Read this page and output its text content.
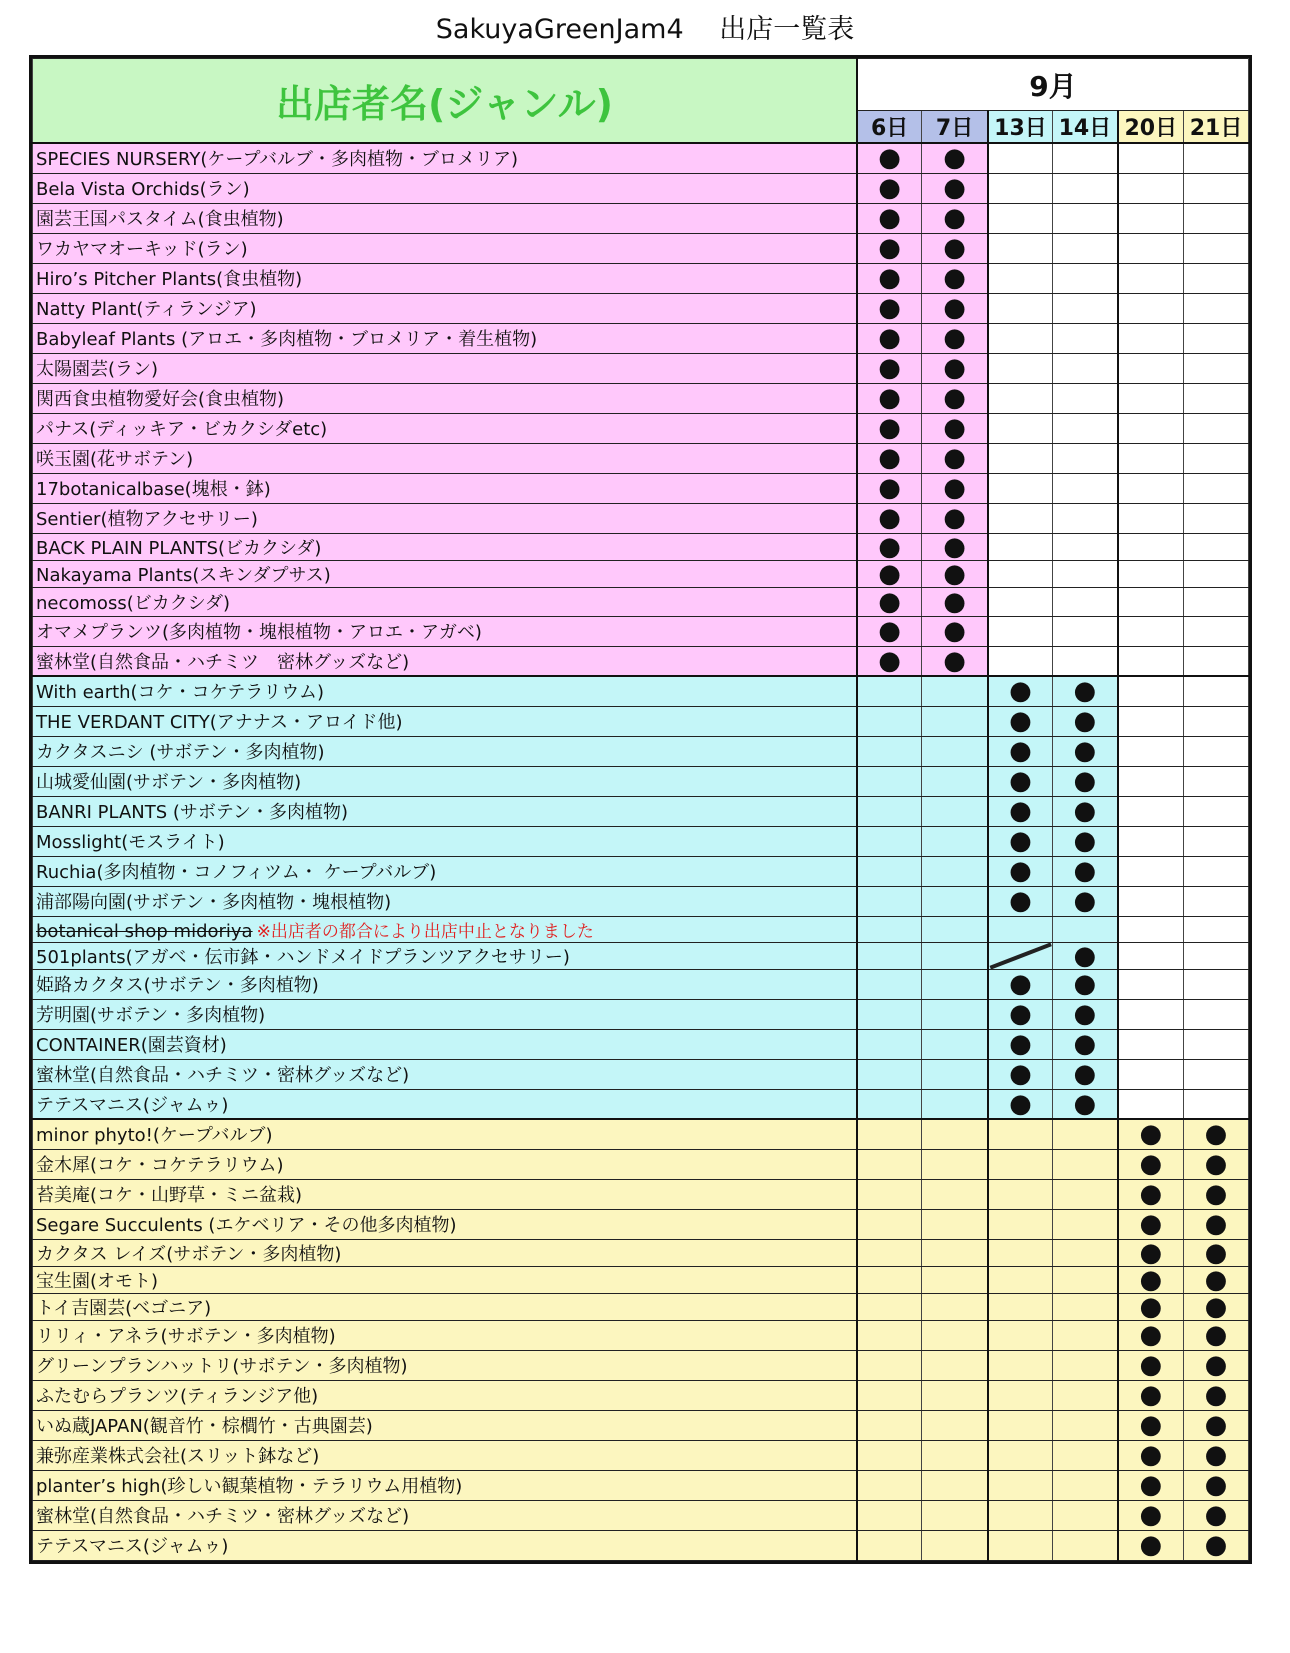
SakuyaGreenJam4　 出店一覧表
出店者名(ジャンル)	9月					
	6日	7日	13日	14日	20日	21日
SPECIES NURSERY(ケープバルブ・多肉植物・ブロメリア)	●	●				
Bela Vista Orchids(ラン)	●	●				
園芸王国パスタイム(食虫植物)	●	●				
ワカヤマオーキッド(ラン)	●	●				
Hiro’s Pitcher Plants(食虫植物)	●	●				
Natty Plant(ティランジア)	●	●				
Babyleaf Plants (アロエ・多肉植物・ブロメリア・着生植物)	●	●				
太陽園芸(ラン)	●	●				
関西食虫植物愛好会(食虫植物)	●	●				
パナス(ディッキア・ビカクシダetc)	●	●				
咲玉園(花サボテン)	●	●				
17botanicalbase(塊根・鉢)	●	●				
Sentier(植物アクセサリー)	●	●				
BACK PLAIN PLANTS(ビカクシダ)	●	●				
Nakayama Plants(スキンダプサス)	●	●				
necomoss(ビカクシダ)	●	●				
オマメプランツ(多肉植物・塊根植物・アロエ・アガベ)	●	●				
蜜林堂(自然食品・ハチミツ　密林グッズなど)	●	●				
With earth(コケ・コケテラリウム)			●	●		
THE VERDANT CITY(アナナス・アロイド他)			●	●		
カクタスニシ (サボテン・多肉植物)			●	●		
山城愛仙園(サボテン・多肉植物)			●	●		
BANRI PLANTS (サボテン・多肉植物)			●	●		
Mosslight(モスライト)			●	●		
Ruchia(多肉植物・コノフィツム・ ケープバルブ)			●	●		
浦部陽向園(サボテン・多肉植物・塊根植物)			●	●		
botanical shop midoriya ※出店者の都合により出店中止となりました						
501plants(アガベ・伝市鉢・ハンドメイドプランツアクセサリー)				●		
姫路カクタス(サボテン・多肉植物)			●	●		
芳明園(サボテン・多肉植物)			●	●		
CONTAINER(園芸資材)			●	●		
蜜林堂(自然食品・ハチミツ・密林グッズなど)			●	●		
テテスマニス(ジャムゥ)			●	●		
minor phyto!(ケープバルブ)					●	●
金木犀(コケ・コケテラリウム)					●	●
苔美庵(コケ・山野草・ミニ盆栽)					●	●
Segare Succulents (エケベリア・その他多肉植物)					●	●
カクタス レイズ(サボテン・多肉植物)					●	●
宝生園(オモト)					●	●
トイ吉園芸(ベゴニア)					●	●
リリィ・アネラ(サボテン・多肉植物)					●	●
グリーンプランハットリ(サボテン・多肉植物)					●	●
ふたむらプランツ(ティランジア他)					●	●
いぬ蔵JAPAN(観音竹・棕櫚竹・古典園芸)					●	●
兼弥産業株式会社(スリット鉢など)					●	●
planter’s high(珍しい観葉植物・テラリウム用植物)					●	●
蜜林堂(自然食品・ハチミツ・密林グッズなど)					●	●
テテスマニス(ジャムゥ)					●	●
